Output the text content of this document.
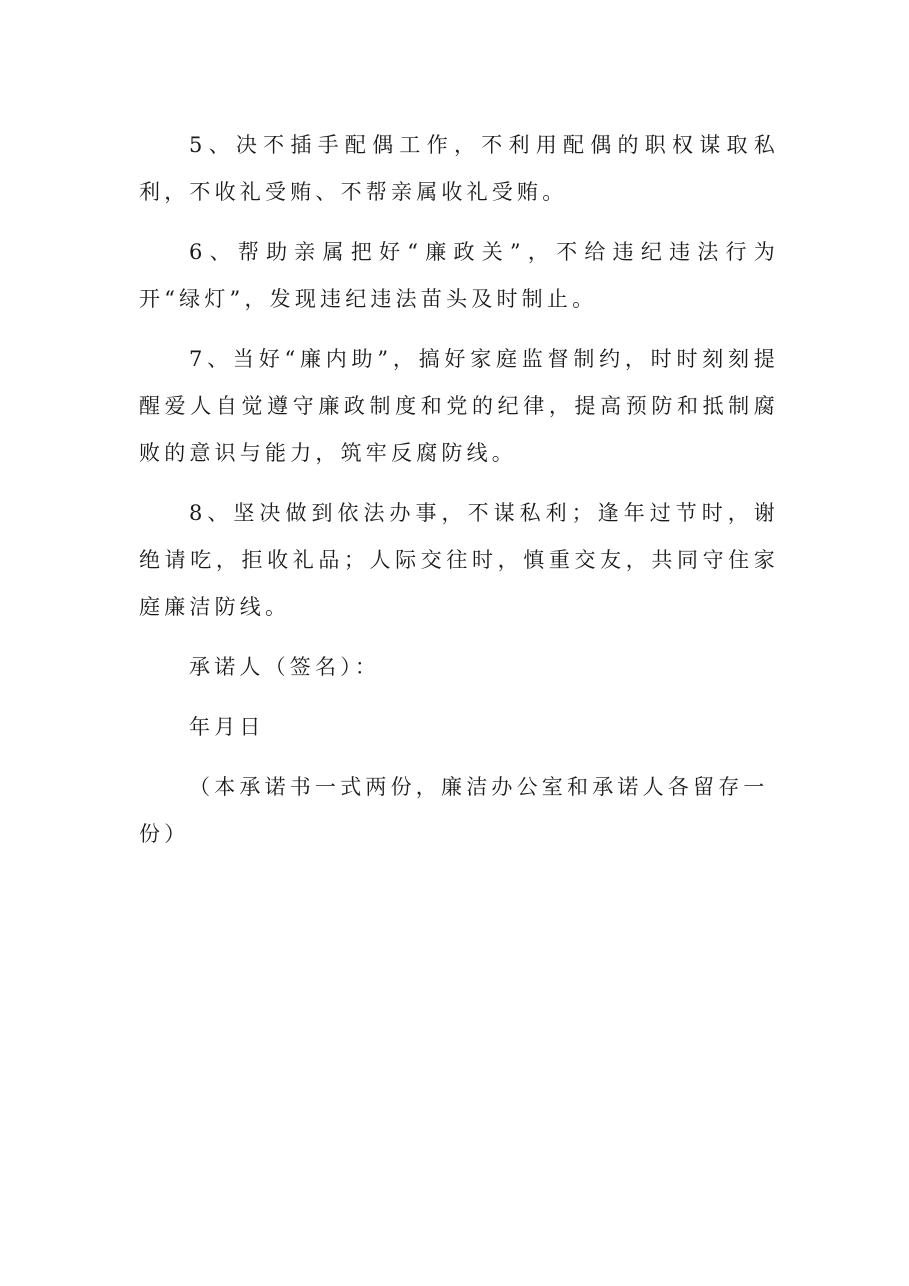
5、决不插手配偶工作，不利用配偶的职权谋取私利，不收礼受贿、不帮亲属收礼受贿。

6、帮助亲属把好“廉政关”，不给违纪违法行为开“绿灯”，发现违纪违法苗头及时制止。

7、当好“廉内助”，搞好家庭监督制约，时时刻刻提醒爱人自觉遵守廉政制度和党的纪律，提高预防和抵制腐败的意识与能力，筑牢反腐防线。

8、坚决做到依法办事，不谋私利；逢年过节时，谢绝请吃，拒收礼品；人际交往时，慎重交友，共同守住家庭廉洁防线。

承诺人（签名）：

年月日

（本承诺书一式两份，廉洁办公室和承诺人各留存一份）
